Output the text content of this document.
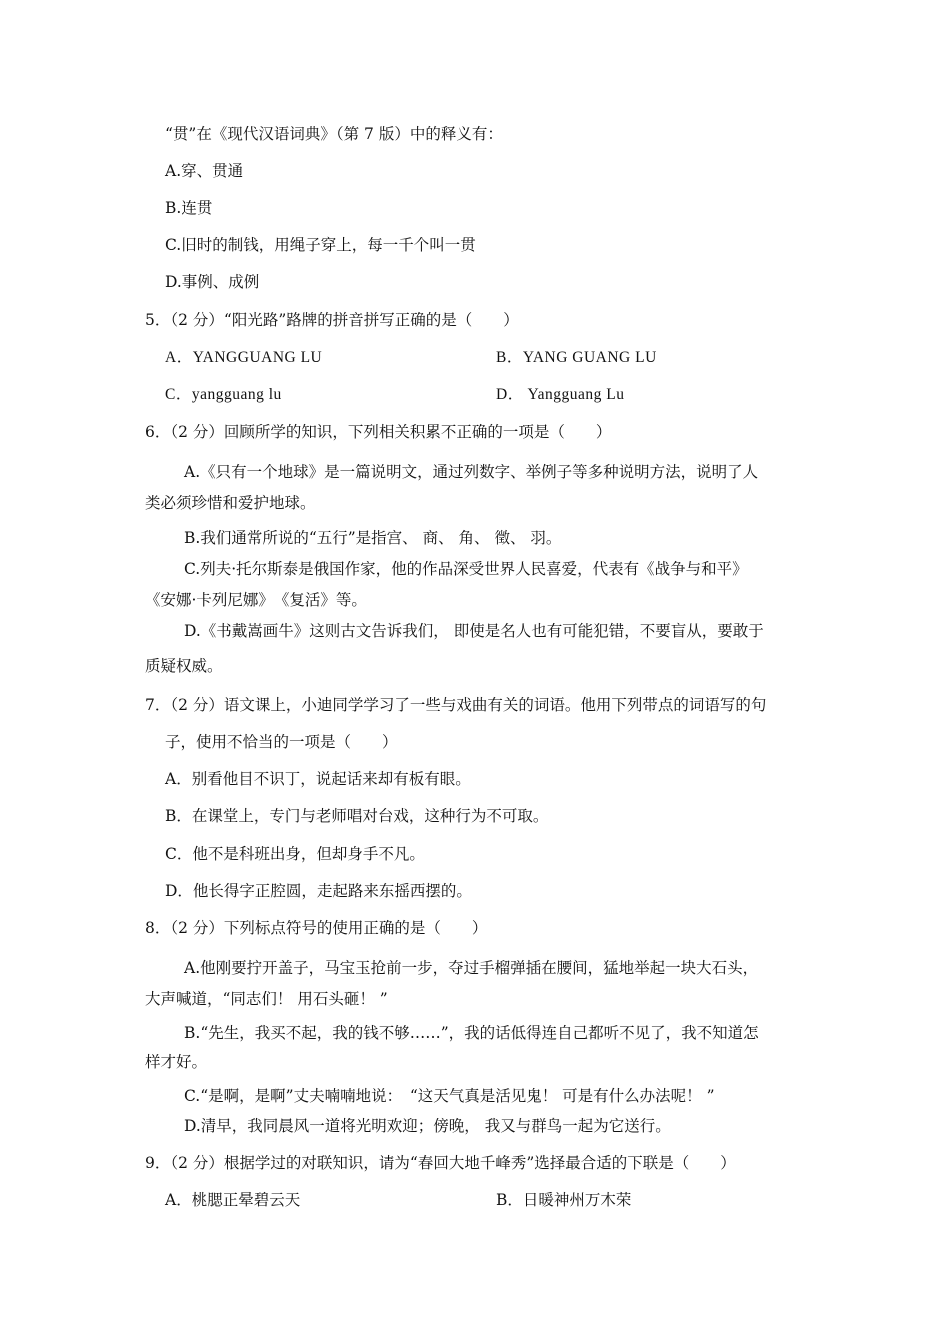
“贯”在《现代汉语词典》（第 7 版）中的释义有：
A.穿、贯通
B.连贯
C.旧时的制钱，用绳子穿上，每一千个叫一贯
D.事例、成例
5．（2 分）“阳光路”路牌的拼音拼写正确的是（　　）
A．YANGGUANG LU	B．YANG GUANG LU
C．yangguang lu	D． Yangguang Lu
6．（2 分）回顾所学的知识，下列相关积累不正确的一项是（　　）
A.《只有一个地球》是一篇说明文，通过列数字、举例子等多种说明方法，说明了人
类必须珍惜和爱护地球。
B.我们通常所说的“五行”是指宫、 商、 角、 徵、 羽。
C.列夫·托尔斯泰是俄国作家，他的作品深受世界人民喜爱，代表有《战争与和平》
《安娜·卡列尼娜》　《复活》等。
D.《书戴嵩画牛》这则古文告诉我们， 即使是名人也有可能犯错，不要盲从，要敢于
质疑权威。
7．（2 分）语文课上，小迪同学学习了一些与戏曲有关的词语。他用下列带点的词语写的句
子，使用不恰当的一项是（　　）
A．别看他目不识丁，说起话来却有板有眼。
B．在课堂上，专门与老师唱对台戏，这种行为不可取。
C．他不是科班出身，但却身手不凡。
D．他长得字正腔圆，走起路来东摇西摆的。
8．（2 分）下列标点符号的使用正确的是（　　）
A.他刚要拧开盖子，马宝玉抢前一步，夺过手榴弹插在腰间，猛地举起一块大石头，
大声喊道，“同志们！ 用石头砸！ ”
B.“先生，我买不起，我的钱不够……”，我的话低得连自己都听不见了，我不知道怎
样才好。
C.“是啊，是啊”丈夫喃喃地说：　“这天气真是活见鬼！ 可是有什么办法呢！ ”
D.清早，我同晨风一道将光明欢迎；傍晚， 我又与群鸟一起为它送行。
9．（2 分）根据学过的对联知识，请为“春回大地千峰秀”选择最合适的下联是（　　）
A．桃腮正晕碧云天	B．日暖神州万木荣
